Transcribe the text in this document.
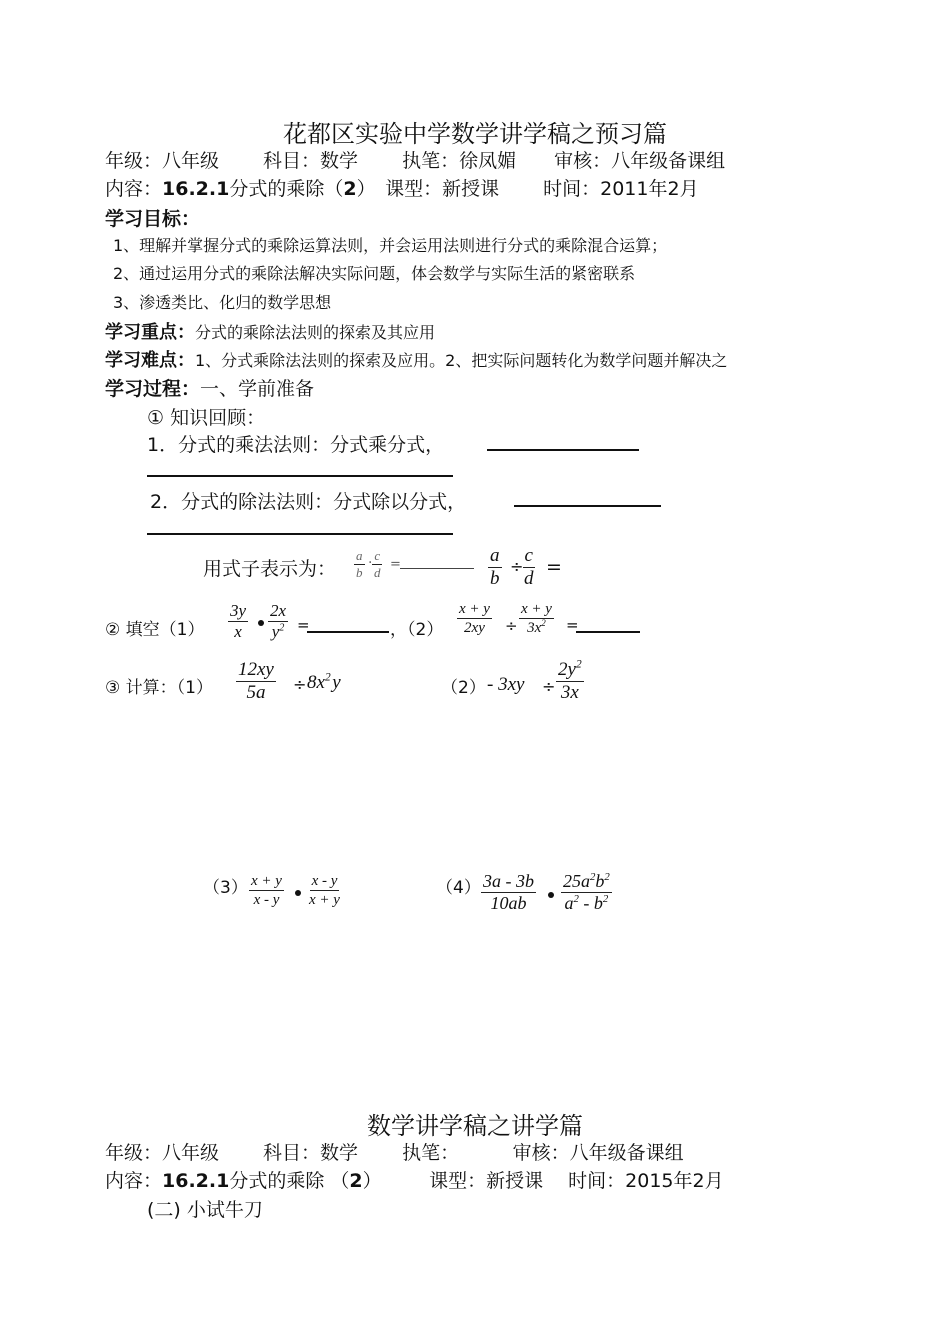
花都区实验中学数学讲学稿之预习篇
年级：八年级　　 科目：数学　　 执笔：徐凤媚　　审核：八年级备课组
内容：16.2.1分式的乘除（2）　课型：新授课　　 时间：2011年2月
学习目标：
1、理解并掌握分式的乘除运算法则，并会运用法则进行分式的乘除混合运算；
2、通过运用分式的乘除法解决实际问题，体会数学与实际生活的紧密联系
3、渗透类比、化归的数学思想
学习重点：分式的乘除法法则的探索及其应用
学习难点：1、分式乘除法法则的探索及应用。2、把实际问题转化为数学问题并解决之
学习过程：一、学前准备
① 知识回顾：
1．分式的乘法法则：分式乘分式，
2．分式的除法法则：分式除以分式，
用式子表示为： $\frac{a}{b} \cdot \frac{c}{d}$ =	$\frac{a}{b}$ ÷
$\frac{c}{d}$ =
② 填空$(1) \frac{3y}{x} \frac{2x}{y^2}$ =	，$(2) \frac{x + y}{2xy} \div \frac{x + y}{3x^2}$ =
③ 计算：$(1) \frac{12xy}{5a} \div 8x^2$ y	$(2) - 3xy \div \frac{2y^2}{3x}$
$(3) \frac{x + y}{x - y} \frac{x - y}{x + y}$	$(4) \frac{3a - 3b}{10ab} \frac{25a^2b^2}{a^2 - b^2}$
数学讲学稿之讲学篇
年级：八年级　　 科目：数学　　 执笔：　　　 审核：八年级备课组
内容：16.2.1分式的乘除 （2）　　　课型：新授课　 时间：2015年2月
(二) 小试牛刀
